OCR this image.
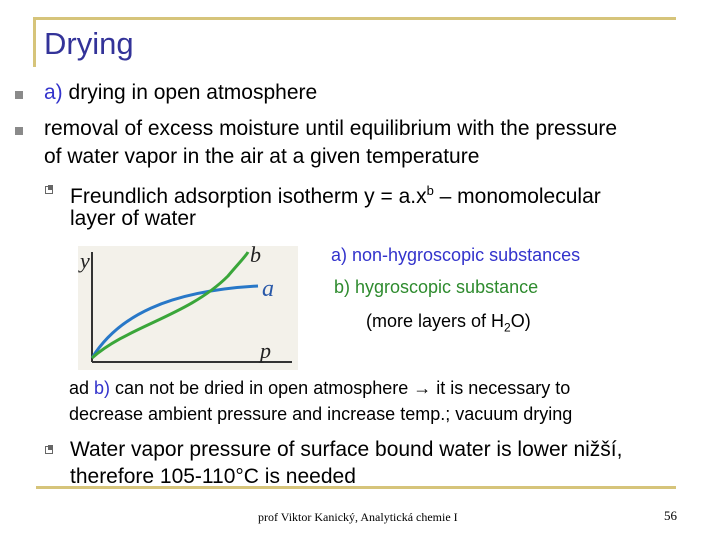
Drying
a) drying in open atmosphere
removal of excess moisture until equilibrium with the pressure
of water vapor in the air at a given temperature
Freundlich adsorption isotherm $y = a.x^b$ – monomolecular
layer of water
y	b
a
p
a) non-hygroscopic substances
b) hygroscopic substance
(more layers of $H_2O$)
ad b) can not be dried in open atmosphere → it is necessary to
decrease ambient pressure and increase temp.; vacuum drying
Water vapor pressure of surface bound water is lower nižší,
therefore 105-110°C is needed
prof Viktor Kanický, Analytická chemie I	56
